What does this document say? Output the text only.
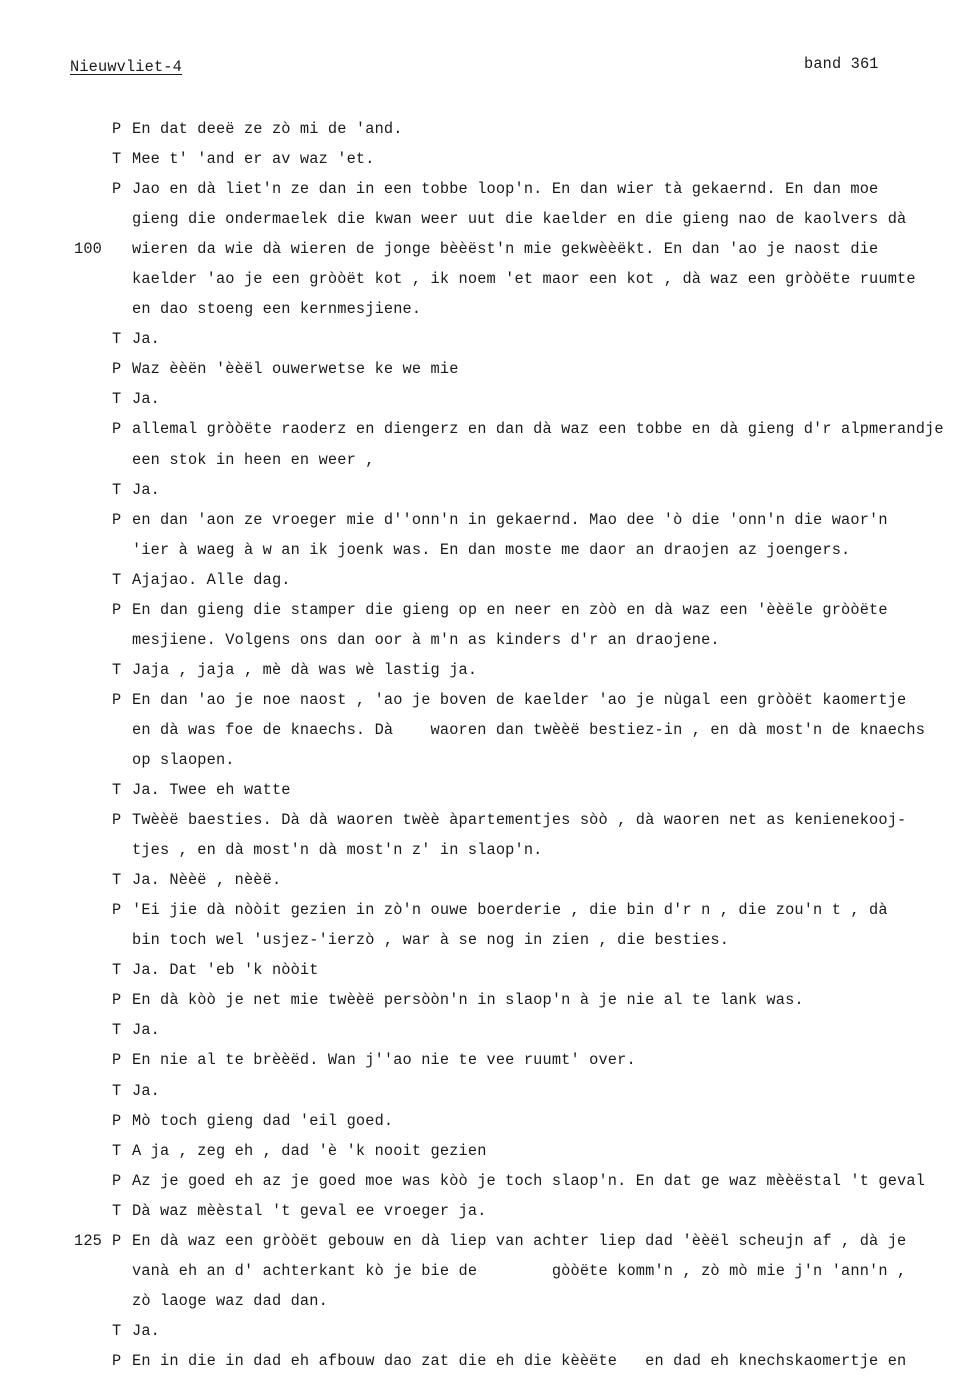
Nieuwvliet-4	band 361
P En dat deeë ze zò mi de 'and.
T Mee t' 'and er av waz 'et.
P Jao en dà liet'n ze dan in een tobbe loop'n. En dan wier tà gekaernd. En dan moe
gieng die ondermaelek die kwan weer uut die kaelder en die gieng nao de kaolvers dà
100 wieren da wie dà wieren de jonge bèèëst'n mie gekwèèëkt. En dan 'ao je naost die
kaelder 'ao je een gròòët kot , ik noem 'et maor een kot , dà waz een gròòëte ruumte
en dao stoeng een kernmesjiene.
T Ja.
P Waz èèën 'èèël ouwerwetse ke we mie
T Ja.
P allemal gròòëte raoderz en diengerz en dan dà waz een tobbe en dà gieng d'r alpmerandje
een stok in heen en weer ,
T Ja.
P en dan 'aon ze vroeger mie d''onn'n in gekaernd. Mao dee 'ò die 'onn'n die waor'n
'ier à waeg à w an ik joenk was. En dan moste me daor an draojen az joengers.
T Ajajao. Alle dag.
P En dan gieng die stamper die gieng op en neer en zòò en dà waz een 'èèële gròòëte
mesjiene. Volgens ons dan oor à m'n as kinders d'r an draojene.
T Jaja , jaja , mè dà was wè lastig ja.
P En dan 'ao je noe naost , 'ao je boven de kaelder 'ao je nùgal een gròòët kaomertje
en dà was foe de knaechs. Dà    waoren dan twèèë bestiez-in , en dà most'n de knaechs
op slaopen.
T Ja. Twee eh watte
P Twèèë baesties. Dà dà waoren twèè àpartementjes sòò , dà waoren net as kenienekooj-
tjes , en dà most'n dà most'n z' in slaop'n.
T Ja. Nèèë , nèèë.
P 'Ei jie dà nòòit gezien in zò'n ouwe boerderie , die bin d'r n , die zou'n t , dà
bin toch wel 'usjez-'ierzò , war à se nog in zien , die besties.
T Ja. Dat 'eb 'k nòòit
P En dà kòò je net mie twèèë persòòn'n in slaop'n à je nie al te lank was.
T Ja.
P En nie al te brèèëd. Wan j''ao nie te vee ruumt' over.
T Ja.
P Mò toch gieng dad 'eil goed.
T A ja , zeg eh , dad 'è 'k nooit gezien
P Az je goed eh az je goed moe was kòò je toch slaop'n. En dat ge waz mèèëstal 't geval
T Dà waz mèèstal 't geval ee vroeger ja.
125 P En dà waz een gròòët gebouw en dà liep van achter liep dad 'èèël scheujn af , dà je
vanà eh an d' achterkant kò je bie de        gòòëte komm'n , zò mò mie j'n 'ann'n ,
zò laoge waz dad dan.
T Ja.
P En in die in dad eh afbouw dao zat die eh die kèèëte   en dad eh knechskaomertje en
